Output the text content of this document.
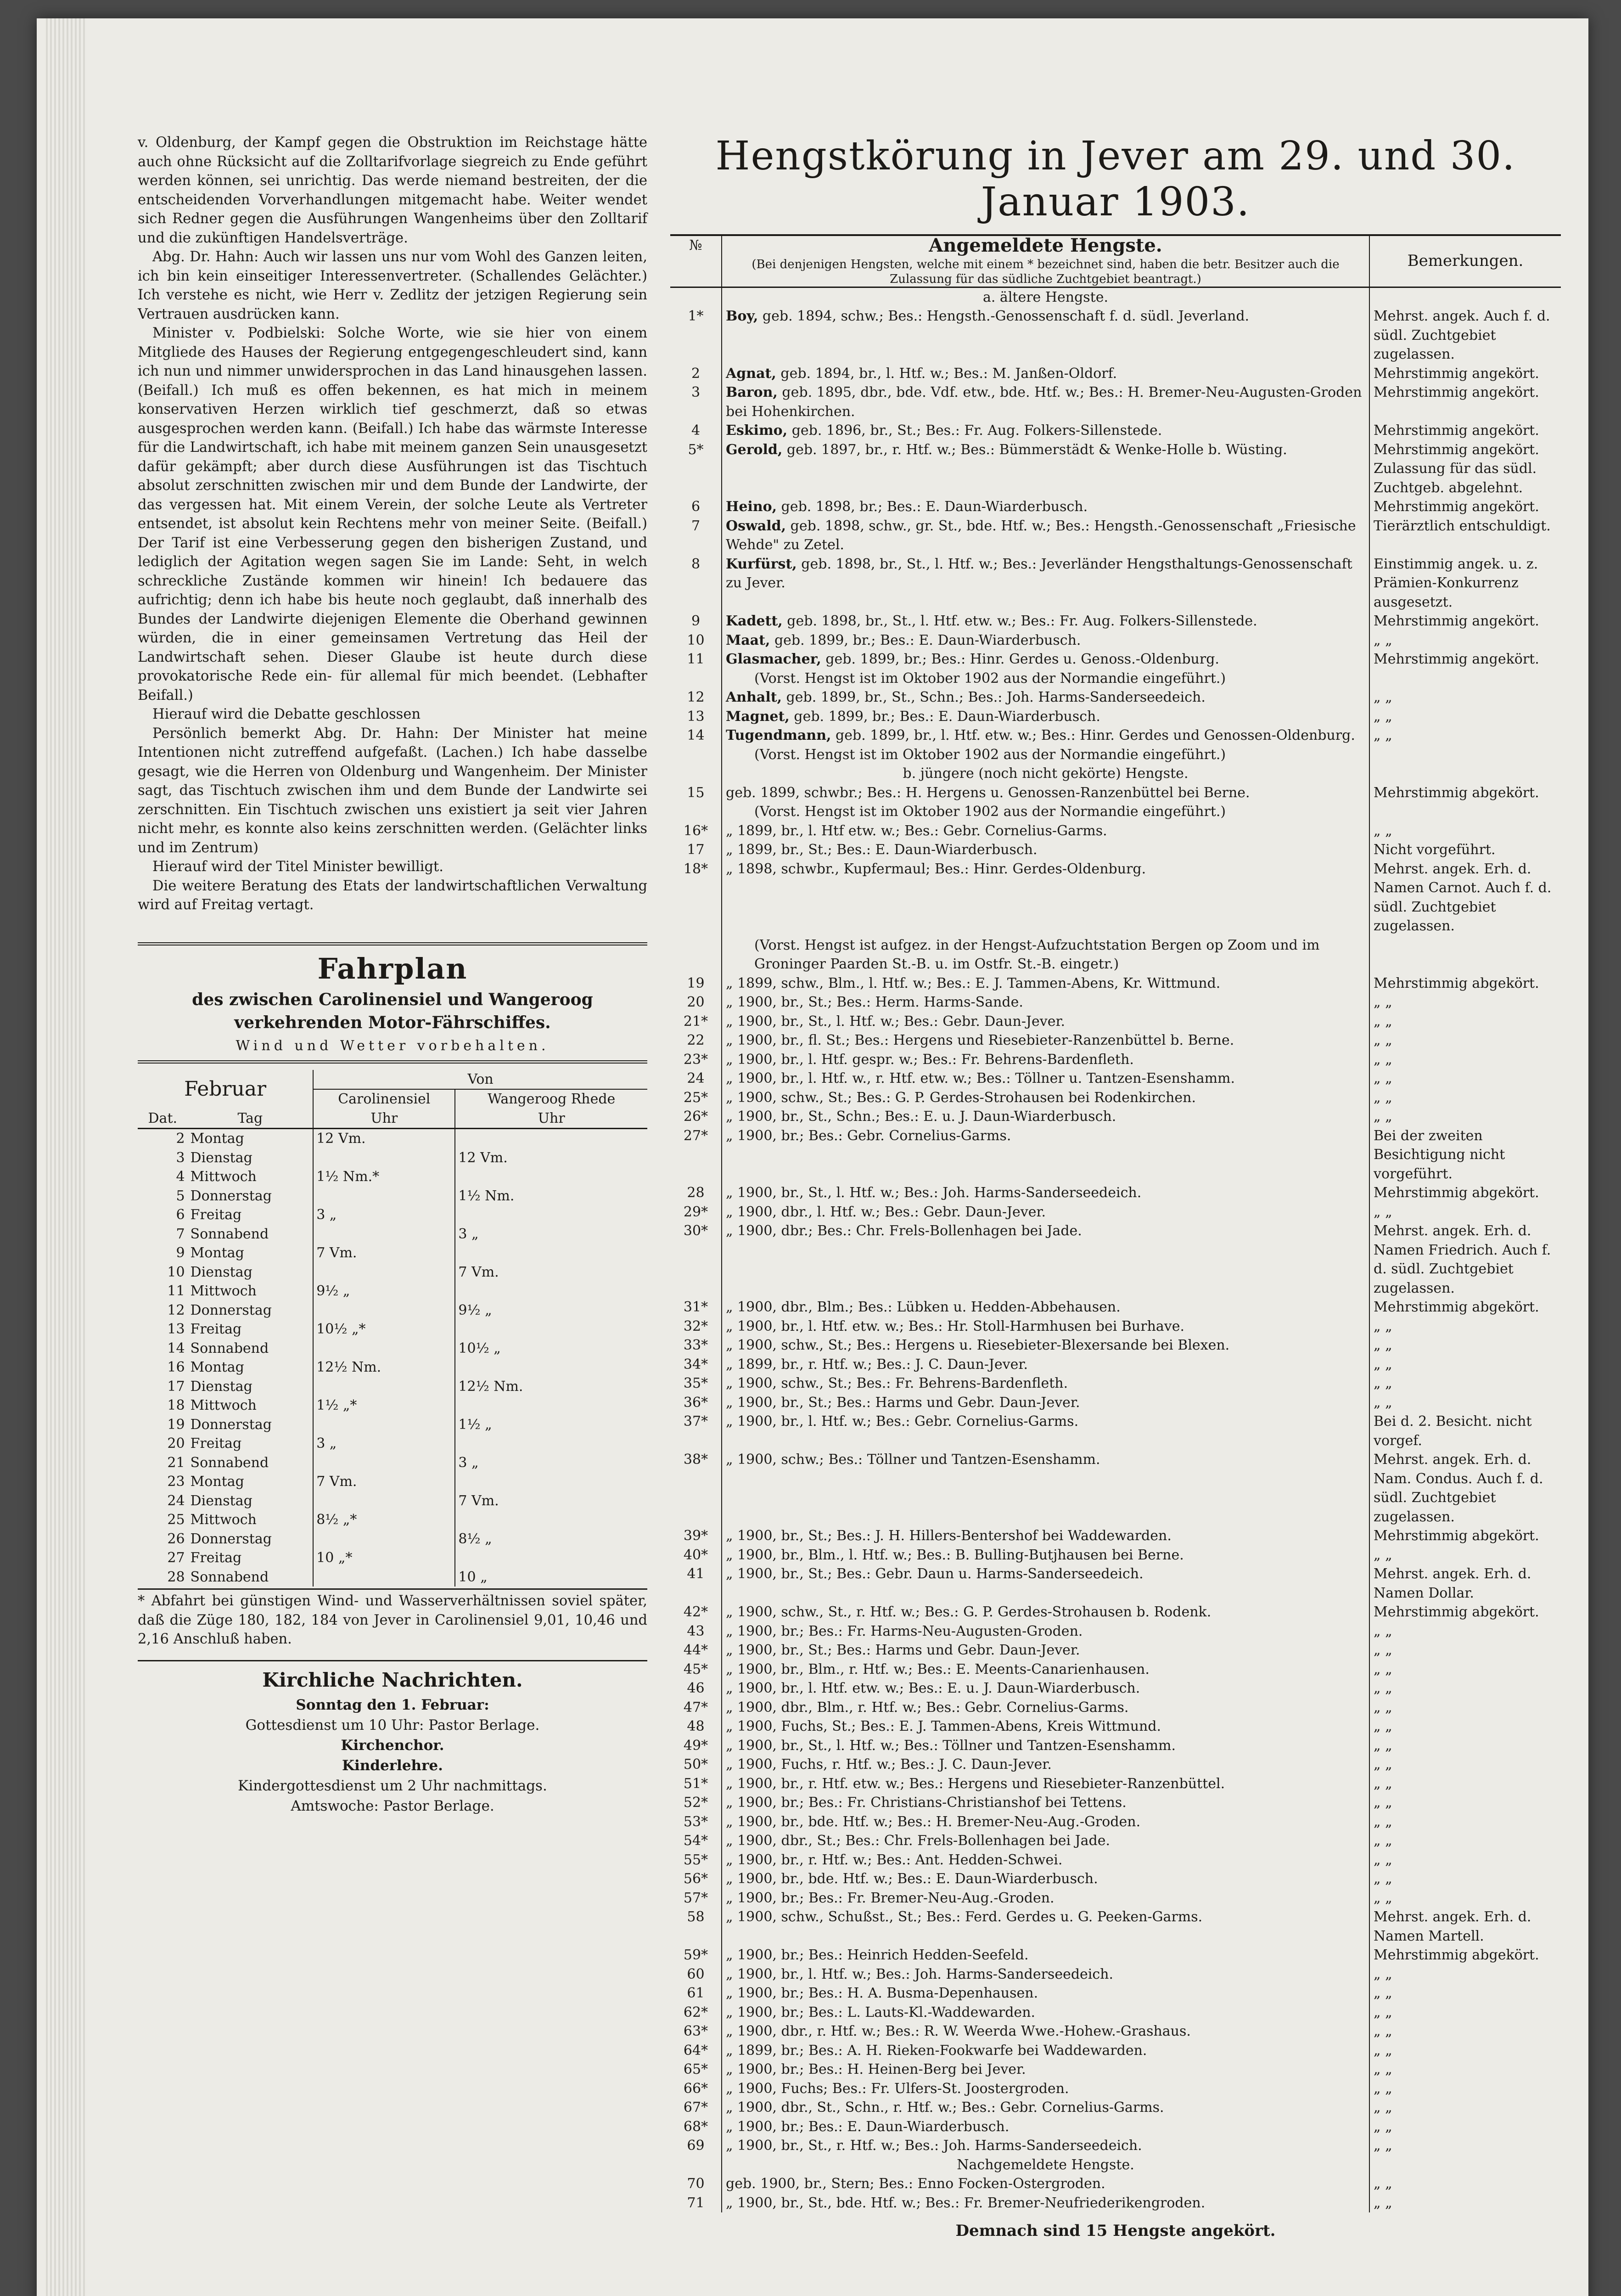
v. Oldenburg, der Kampf gegen die Obstruktion im Reichstage hätte auch ohne Rücksicht auf die Zolltarifvorlage siegreich zu Ende geführt werden können, sei unrichtig. Das werde niemand bestreiten, der die entscheidenden Vorverhandlungen mitgemacht habe. Weiter wendet sich Redner gegen die Ausführungen Wangenheims über den Zolltarif und die zukünftigen Handelsverträge.

Abg. Dr. Hahn: Auch wir lassen uns nur vom Wohl des Ganzen leiten, ich bin kein einseitiger Interessenvertreter. (Schallendes Gelächter.) Ich verstehe es nicht, wie Herr v. Zedlitz der jetzigen Regierung sein Vertrauen ausdrücken kann.

Minister v. Podbielski: Solche Worte, wie sie hier von einem Mitgliede des Hauses der Regierung entgegengeschleudert sind, kann ich nun und nimmer unwidersprochen in das Land hinausgehen lassen. (Beifall.) Ich muß es offen bekennen, es hat mich in meinem konservativen Herzen wirklich tief geschmerzt, daß so etwas ausgesprochen werden kann. (Beifall.) Ich habe das wärmste Interesse für die Landwirtschaft, ich habe mit meinem ganzen Sein unausgesetzt dafür gekämpft; aber durch diese Ausführungen ist das Tischtuch absolut zerschnitten zwischen mir und dem Bunde der Landwirte, der das vergessen hat. Mit einem Verein, der solche Leute als Vertreter entsendet, ist absolut kein Rechtens mehr von meiner Seite. (Beifall.) Der Tarif ist eine Verbesserung gegen den bisherigen Zustand, und lediglich der Agitation wegen sagen Sie im Lande: Seht, in welch schreckliche Zustände kommen wir hinein! Ich bedauere das aufrichtig; denn ich habe bis heute noch geglaubt, daß innerhalb des Bundes der Landwirte diejenigen Elemente die Oberhand gewinnen würden, die in einer gemeinsamen Vertretung das Heil der Landwirtschaft sehen. Dieser Glaube ist heute durch diese provokatorische Rede ein- für allemal für mich beendet. (Lebhafter Beifall.)

Hierauf wird die Debatte geschlossen

Persönlich bemerkt Abg. Dr. Hahn: Der Minister hat meine Intentionen nicht zutreffend aufgefaßt. (Lachen.) Ich habe dasselbe gesagt, wie die Herren von Oldenburg und Wangenheim. Der Minister sagt, das Tischtuch zwischen ihm und dem Bunde der Landwirte sei zerschnitten. Ein Tischtuch zwischen uns existiert ja seit vier Jahren nicht mehr, es konnte also keins zerschnitten werden. (Gelächter links und im Zentrum)

Hierauf wird der Titel Minister bewilligt.

Die weitere Beratung des Etats der landwirtschaftlichen Verwaltung wird auf Freitag vertagt.

Fahrplan

des zwischen Carolinensiel und Wangeroog

verkehrenden Motor-Fährschiffes.

Wind und Wetter vorbehalten.

Februar		Von	
		Carolinensiel	Wangeroog Rhede
Dat.	Tag	Uhr	Uhr
2	Montag	12 Vm.	
3	Dienstag		12 Vm.
4	Mittwoch	1½ Nm.*	
5	Donnerstag		1½ Nm.
6	Freitag	3 „	
7	Sonnabend		3 „
9	Montag	7 Vm.	
10	Dienstag		7 Vm.
11	Mittwoch	9½ „	
12	Donnerstag		9½ „
13	Freitag	10½ „*	
14	Sonnabend		10½ „
16	Montag	12½ Nm.	
17	Dienstag		12½ Nm.
18	Mittwoch	1½ „*	
19	Donnerstag		1½ „
20	Freitag	3 „	
21	Sonnabend		3 „
23	Montag	7 Vm.	
24	Dienstag		7 Vm.
25	Mittwoch	8½ „*	
26	Donnerstag		8½ „
27	Freitag	10 „*	
28	Sonnabend		10 „

* Abfahrt bei günstigen Wind- und Wasserverhältnissen soviel später, daß die Züge 180, 182, 184 von Jever in Carolinensiel 9,01, 10,46 und 2,16 Anschluß haben.

Kirchliche Nachrichten.

Sonntag den 1. Februar:

Gottesdienst um 10 Uhr: Pastor Berlage.

Kirchenchor.

Kinderlehre.

Kindergottesdienst um 2 Uhr nachmittags.

Amtswoche: Pastor Berlage.

Hengstkörung in Jever am 29. und 30. Januar 1903.
№	Angemeldete Hengste.
(Bei denjenigen Hengsten, welche mit einem * bezeichnet sind, haben die betr. Besitzer auch die Zulassung für das südliche Zuchtgebiet beantragt.)	Bemerkungen.
	a. ältere Hengste.	
1*	Boy, geb. 1894, schw.; Bes.: Hengsth.-Genossenschaft f. d. südl. Jeverland.	Mehrst. angek. Auch f. d. südl. Zuchtgebiet zugelassen.
2	Agnat, geb. 1894, br., l. Htf. w.; Bes.: M. Janßen-Oldorf.	Mehrstimmig angekört.
3	Baron, geb. 1895, dbr., bde. Vdf. etw., bde. Htf. w.; Bes.: H. Bremer-Neu-Augusten-Groden bei Hohenkirchen.	Mehrstimmig angekört.
4	Eskimo, geb. 1896, br., St.; Bes.: Fr. Aug. Folkers-Sillenstede.	Mehrstimmig angekört.
5*	Gerold, geb. 1897, br., r. Htf. w.; Bes.: Bümmerstädt & Wenke-Holle b. Wüsting.	Mehrstimmig angekört. Zulassung für das südl. Zuchtgeb. abgelehnt.
6	Heino, geb. 1898, br.; Bes.: E. Daun-Wiarderbusch.	Mehrstimmig angekört.
7	Oswald, geb. 1898, schw., gr. St., bde. Htf. w.; Bes.: Hengsth.-Genossenschaft „Friesische Wehde" zu Zetel.	Tierärztlich entschuldigt.
8	Kurfürst, geb. 1898, br., St., l. Htf. w.; Bes.: Jeverländer Hengsthaltungs-Genossenschaft zu Jever.	Einstimmig angek. u. z. Prämien-Konkurrenz ausgesetzt.
9	Kadett, geb. 1898, br., St., l. Htf. etw. w.; Bes.: Fr. Aug. Folkers-Sillenstede.	Mehrstimmig angekört.
10	Maat, geb. 1899, br.; Bes.: E. Daun-Wiarderbusch.	„ „
11	Glasmacher, geb. 1899, br.; Bes.: Hinr. Gerdes u. Genoss.-Oldenburg.	Mehrstimmig angekört.
	(Vorst. Hengst ist im Oktober 1902 aus der Normandie eingeführt.)	
12	Anhalt, geb. 1899, br., St., Schn.; Bes.: Joh. Harms-Sanderseedeich.	„ „
13	Magnet, geb. 1899, br.; Bes.: E. Daun-Wiarderbusch.	„ „
14	Tugendmann, geb. 1899, br., l. Htf. etw. w.; Bes.: Hinr. Gerdes und Genossen-Oldenburg.	„ „
	(Vorst. Hengst ist im Oktober 1902 aus der Normandie eingeführt.)	
	b. jüngere (noch nicht gekörte) Hengste.	
15	geb. 1899, schwbr.; Bes.: H. Hergens u. Genossen-Ranzenbüttel bei Berne.	Mehrstimmig abgekört.
	(Vorst. Hengst ist im Oktober 1902 aus der Normandie eingeführt.)	
16*	„ 1899, br., l. Htf etw. w.; Bes.: Gebr. Cornelius-Garms.	„ „
17	„ 1899, br., St.; Bes.: E. Daun-Wiarderbusch.	Nicht vorgeführt.
18*	„ 1898, schwbr., Kupfermaul; Bes.: Hinr. Gerdes-Oldenburg.	Mehrst. angek. Erh. d. Namen Carnot. Auch f. d. südl. Zuchtgebiet zugelassen.
	(Vorst. Hengst ist aufgez. in der Hengst-Aufzuchtstation Bergen op Zoom und im Groninger Paarden St.-B. u. im Ostfr. St.-B. eingetr.)	
19	„ 1899, schw., Blm., l. Htf. w.; Bes.: E. J. Tammen-Abens, Kr. Wittmund.	Mehrstimmig abgekört.
20	„ 1900, br., St.; Bes.: Herm. Harms-Sande.	„ „
21*	„ 1900, br., St., l. Htf. w.; Bes.: Gebr. Daun-Jever.	„ „
22	„ 1900, br., fl. St.; Bes.: Hergens und Riesebieter-Ranzenbüttel b. Berne.	„ „
23*	„ 1900, br., l. Htf. gespr. w.; Bes.: Fr. Behrens-Bardenfleth.	„ „
24	„ 1900, br., l. Htf. w., r. Htf. etw. w.; Bes.: Töllner u. Tantzen-Esenshamm.	„ „
25*	„ 1900, schw., St.; Bes.: G. P. Gerdes-Strohausen bei Rodenkirchen.	„ „
26*	„ 1900, br., St., Schn.; Bes.: E. u. J. Daun-Wiarderbusch.	„ „
27*	„ 1900, br.; Bes.: Gebr. Cornelius-Garms.	Bei der zweiten Besichtigung nicht vorgeführt.
28	„ 1900, br., St., l. Htf. w.; Bes.: Joh. Harms-Sanderseedeich.	Mehrstimmig abgekört.
29*	„ 1900, dbr., l. Htf. w.; Bes.: Gebr. Daun-Jever.	„ „
30*	„ 1900, dbr.; Bes.: Chr. Frels-Bollenhagen bei Jade.	Mehrst. angek. Erh. d. Namen Friedrich. Auch f. d. südl. Zuchtgebiet zugelassen.
31*	„ 1900, dbr., Blm.; Bes.: Lübken u. Hedden-Abbehausen.	Mehrstimmig abgekört.
32*	„ 1900, br., l. Htf. etw. w.; Bes.: Hr. Stoll-Harmhusen bei Burhave.	„ „
33*	„ 1900, schw., St.; Bes.: Hergens u. Riesebieter-Blexersande bei Blexen.	„ „
34*	„ 1899, br., r. Htf. w.; Bes.: J. C. Daun-Jever.	„ „
35*	„ 1900, schw., St.; Bes.: Fr. Behrens-Bardenfleth.	„ „
36*	„ 1900, br., St.; Bes.: Harms und Gebr. Daun-Jever.	„ „
37*	„ 1900, br., l. Htf. w.; Bes.: Gebr. Cornelius-Garms.	Bei d. 2. Besicht. nicht vorgef.
38*	„ 1900, schw.; Bes.: Töllner und Tantzen-Esenshamm.	Mehrst. angek. Erh. d. Nam. Condus. Auch f. d. südl. Zuchtgebiet zugelassen.
39*	„ 1900, br., St.; Bes.: J. H. Hillers-Bentershof bei Waddewarden.	Mehrstimmig abgekört.
40*	„ 1900, br., Blm., l. Htf. w.; Bes.: B. Bulling-Butjhausen bei Berne.	„ „
41	„ 1900, br., St.; Bes.: Gebr. Daun u. Harms-Sanderseedeich.	Mehrst. angek. Erh. d. Namen Dollar.
42*	„ 1900, schw., St., r. Htf. w.; Bes.: G. P. Gerdes-Strohausen b. Rodenk.	Mehrstimmig abgekört.
43	„ 1900, br.; Bes.: Fr. Harms-Neu-Augusten-Groden.	„ „
44*	„ 1900, br., St.; Bes.: Harms und Gebr. Daun-Jever.	„ „
45*	„ 1900, br., Blm., r. Htf. w.; Bes.: E. Meents-Canarienhausen.	„ „
46	„ 1900, br., l. Htf. etw. w.; Bes.: E. u. J. Daun-Wiarderbusch.	„ „
47*	„ 1900, dbr., Blm., r. Htf. w.; Bes.: Gebr. Cornelius-Garms.	„ „
48	„ 1900, Fuchs, St.; Bes.: E. J. Tammen-Abens, Kreis Wittmund.	„ „
49*	„ 1900, br., St., l. Htf. w.; Bes.: Töllner und Tantzen-Esenshamm.	„ „
50*	„ 1900, Fuchs, r. Htf. w.; Bes.: J. C. Daun-Jever.	„ „
51*	„ 1900, br., r. Htf. etw. w.; Bes.: Hergens und Riesebieter-Ranzenbüttel.	„ „
52*	„ 1900, br.; Bes.: Fr. Christians-Christianshof bei Tettens.	„ „
53*	„ 1900, br., bde. Htf. w.; Bes.: H. Bremer-Neu-Aug.-Groden.	„ „
54*	„ 1900, dbr., St.; Bes.: Chr. Frels-Bollenhagen bei Jade.	„ „
55*	„ 1900, br., r. Htf. w.; Bes.: Ant. Hedden-Schwei.	„ „
56*	„ 1900, br., bde. Htf. w.; Bes.: E. Daun-Wiarderbusch.	„ „
57*	„ 1900, br.; Bes.: Fr. Bremer-Neu-Aug.-Groden.	„ „
58	„ 1900, schw., Schußst., St.; Bes.: Ferd. Gerdes u. G. Peeken-Garms.	Mehrst. angek. Erh. d. Namen Martell.
59*	„ 1900, br.; Bes.: Heinrich Hedden-Seefeld.	Mehrstimmig abgekört.
60	„ 1900, br., l. Htf. w.; Bes.: Joh. Harms-Sanderseedeich.	„ „
61	„ 1900, br.; Bes.: H. A. Busma-Depenhausen.	„ „
62*	„ 1900, br.; Bes.: L. Lauts-Kl.-Waddewarden.	„ „
63*	„ 1900, dbr., r. Htf. w.; Bes.: R. W. Weerda Wwe.-Hohew.-Grashaus.	„ „
64*	„ 1899, br.; Bes.: A. H. Rieken-Fookwarfe bei Waddewarden.	„ „
65*	„ 1900, br.; Bes.: H. Heinen-Berg bei Jever.	„ „
66*	„ 1900, Fuchs; Bes.: Fr. Ulfers-St. Joostergroden.	„ „
67*	„ 1900, dbr., St., Schn., r. Htf. w.; Bes.: Gebr. Cornelius-Garms.	„ „
68*	„ 1900, br.; Bes.: E. Daun-Wiarderbusch.	„ „
69	„ 1900, br., St., r. Htf. w.; Bes.: Joh. Harms-Sanderseedeich.	„ „
	Nachgemeldete Hengste.	
70	geb. 1900, br., Stern; Bes.: Enno Focken-Ostergroden.	„ „
71	„ 1900, br., St., bde. Htf. w.; Bes.: Fr. Bremer-Neufriederikengroden.	„ „
Demnach sind 15 Hengste angekört.
